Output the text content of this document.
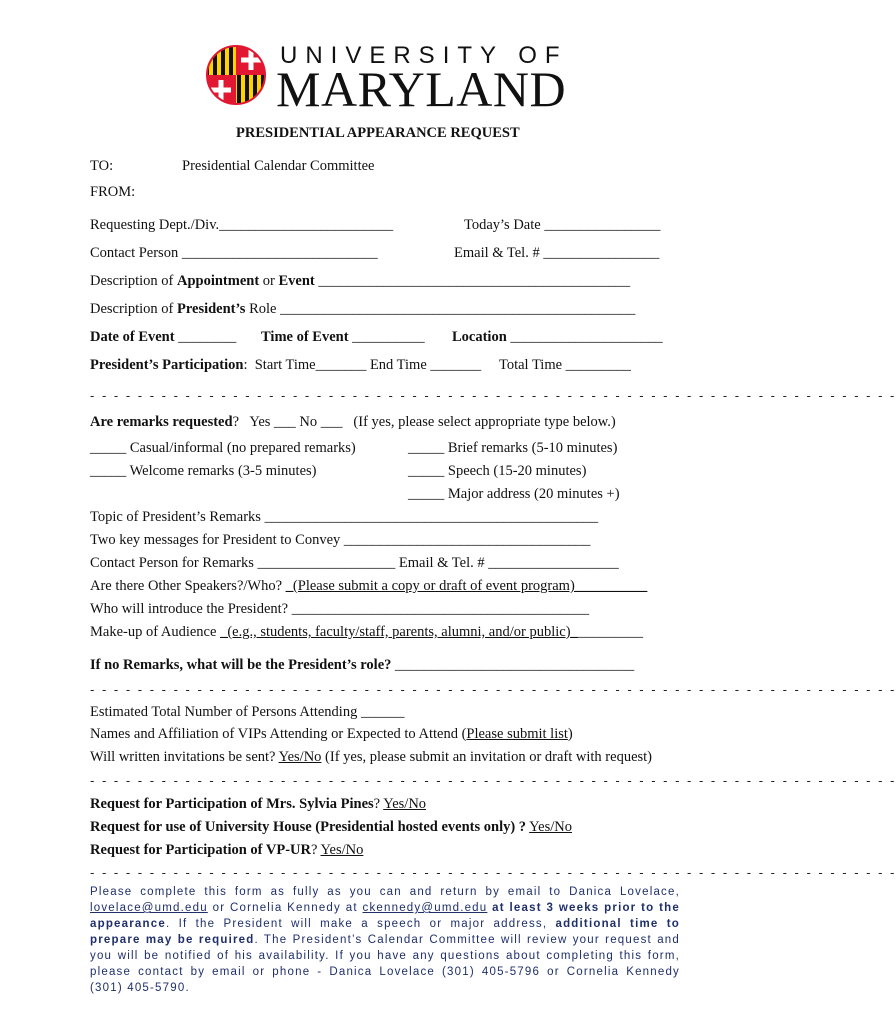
UNIVERSITY OF
MARYLAND
PRESIDENTIAL APPEARANCE REQUEST
TO:	Presidential Calendar Committee
FROM:
Requesting Dept./Div.________________________	Today’s Date ________________
Contact Person ___________________________	Email & Tel. # ________________
Description of Appointment or Event ___________________________________________
Description of President’s Role _________________________________________________
Date of Event ________ Time of Event __________ Location _____________________
President’s Participation:  Start Time_______ End Time _______     Total Time _________
- - - - - - - - - - - - - - - - - - - - - - - - - - - - - - - - - - - - - - - - - - - - - - - - - - - - - - - - - - - - - - - - - - - -
Are remarks requested?   Yes ___ No ___   (If yes, please select appropriate type below.)
_____ Casual/informal (no prepared remarks)	_____ Brief remarks (5-10 minutes)
_____ Welcome remarks (3-5 minutes)	_____ Speech (15-20 minutes)
_____ Major address (20 minutes +)
Topic of President’s Remarks ______________________________________________
Two key messages for President to Convey __________________________________
Contact Person for Remarks ___________________ Email & Tel. # __________________
Are there Other Speakers?/Who? _(Please submit a copy or draft of event program)__________
Who will introduce the President? _________________________________________
Make-up of Audience _(e.g., students, faculty/staff, parents, alumni, and/or public)__________
If no Remarks, what will be the President’s role? _________________________________
- - - - - - - - - - - - - - - - - - - - - - - - - - - - - - - - - - - - - - - - - - - - - - - - - - - - - - - - - - - - - - - - - - - -
Estimated Total Number of Persons Attending ______
Names and Affiliation of VIPs Attending or Expected to Attend (Please submit list)
Will written invitations be sent? Yes/No (If yes, please submit an invitation or draft with request)
- - - - - - - - - - - - - - - - - - - - - - - - - - - - - - - - - - - - - - - - - - - - - - - - - - - - - - - - - - - - - - - - - - - -
Request for Participation of Mrs. Sylvia Pines? Yes/No
Request for use of University House (Presidential hosted events only) ? Yes/No
Request for Participation of VP-UR? Yes/No
- - - - - - - - - - - - - - - - - - - - - - - - - - - - - - - - - - - - - - - - - - - - - - - - - - - - - - - - - - - - - - - - - - - -
Please complete this form as fully as you can and return by email to Danica Lovelace, lovelace@umd.edu or Cornelia Kennedy at ckennedy@umd.edu at least 3 weeks prior to the appearance. If the President will make a speech or major address, additional time to prepare may be required. The President’s Calendar Committee will review your request and you will be notified of his availability. If you have any questions about completing this form, please contact by email or phone - Danica Lovelace (301) 405-5796 or Cornelia Kennedy (301) 405-5790.
